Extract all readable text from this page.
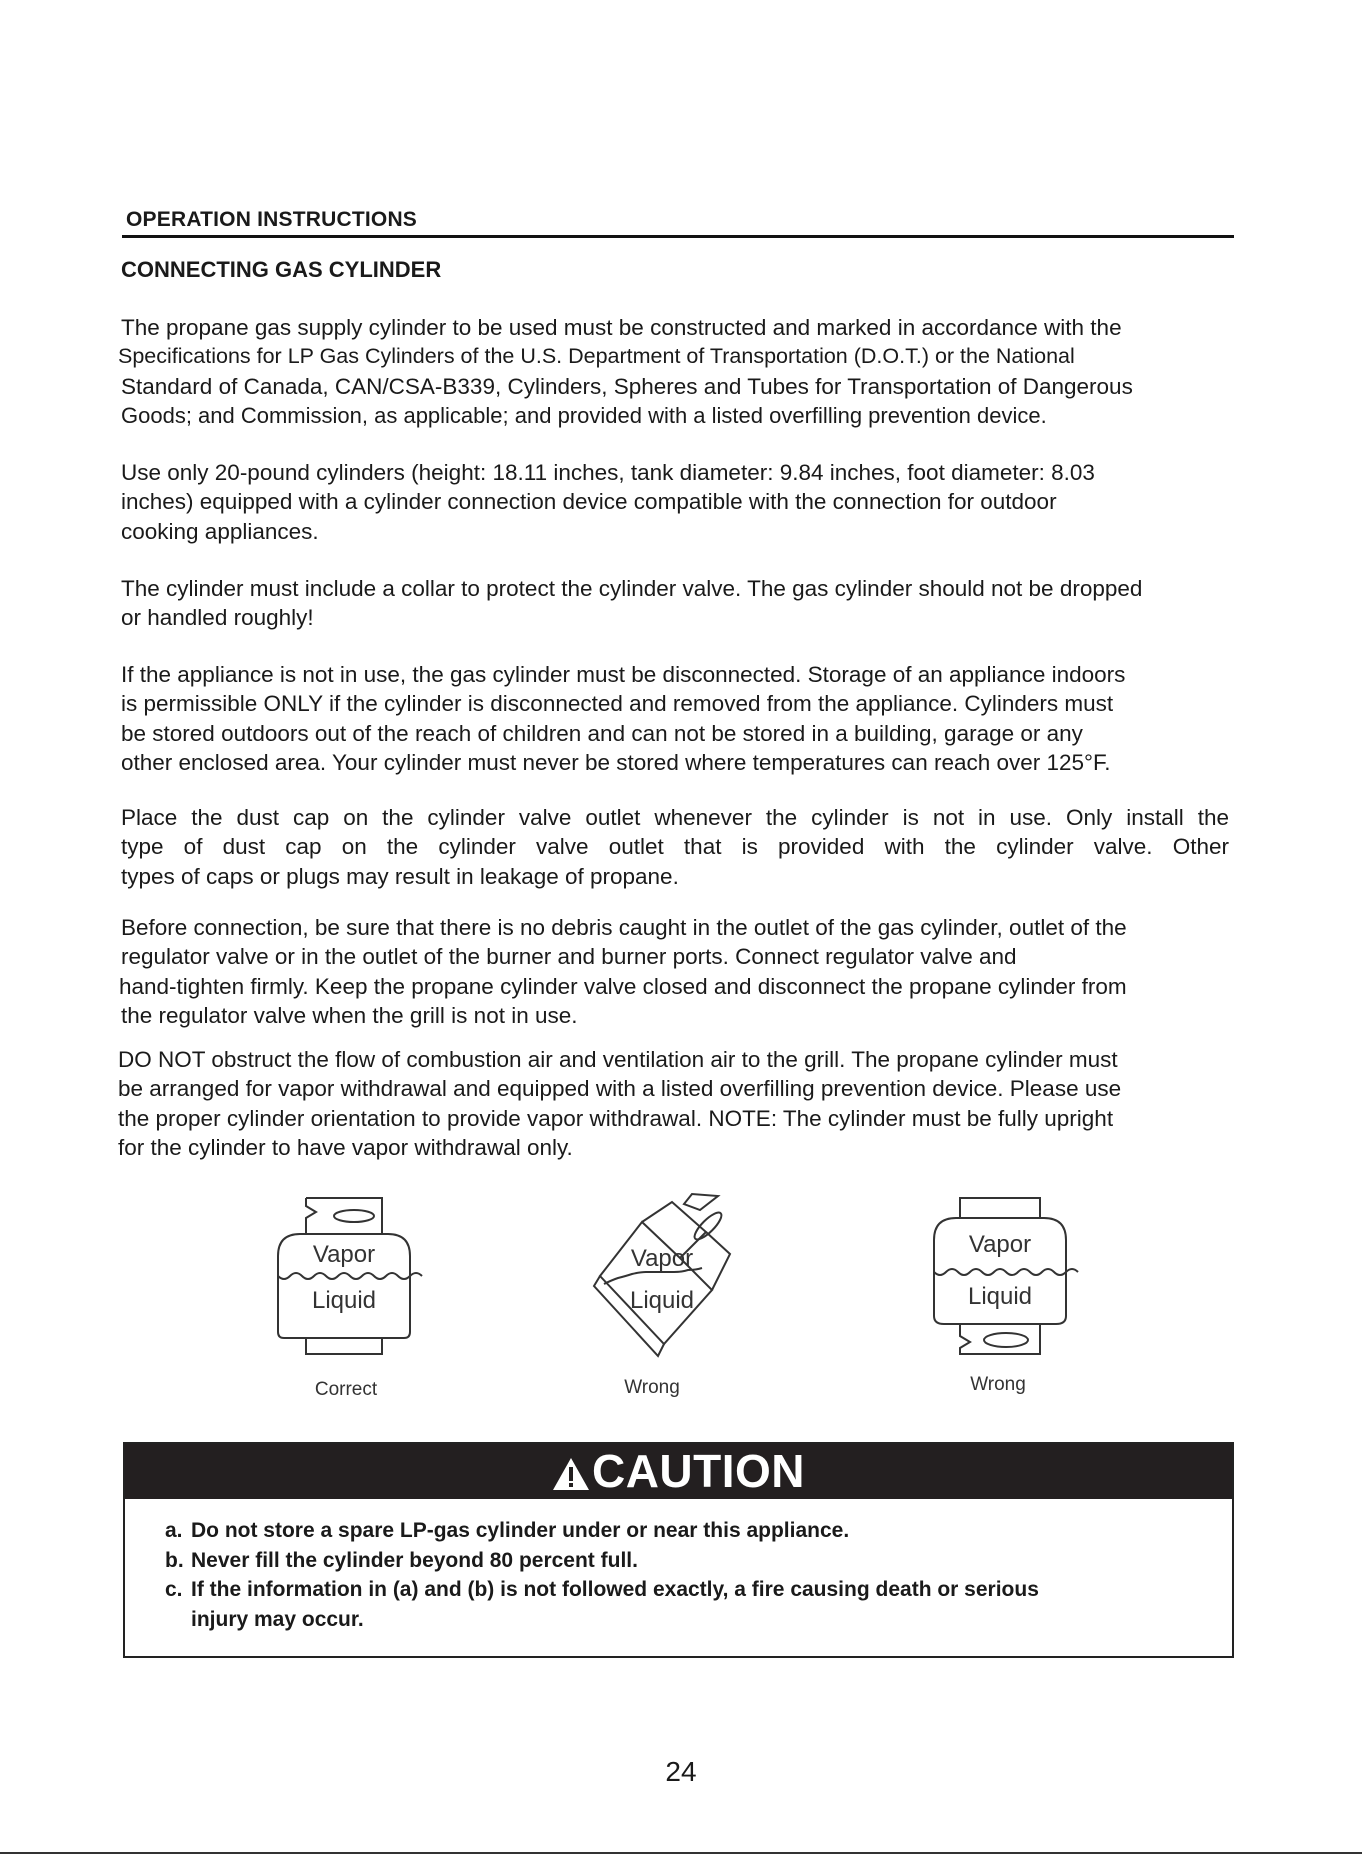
OPERATION INSTRUCTIONS
CONNECTING GAS CYLINDER

The propane gas supply cylinder to be used must be constructed and marked in accordance with the
Specifications for LP Gas Cylinders of the U.S. Department of Transportation (D.O.T.) or the National
Standard of Canada, CAN/CSA-B339, Cylinders, Spheres and Tubes for Transportation of Dangerous
Goods; and Commission, as applicable; and provided with a listed overfilling prevention device.

Use only 20-pound cylinders (height: 18.11 inches, tank diameter: 9.84 inches, foot diameter: 8.03
inches) equipped with a cylinder connection device compatible with the connection for outdoor
cooking appliances.

The cylinder must include a collar to protect the cylinder valve. The gas cylinder should not be dropped
or handled roughly!

If the appliance is not in use, the gas cylinder must be disconnected. Storage of an appliance indoors
is permissible ONLY if the cylinder is disconnected and removed from the appliance. Cylinders must
be stored outdoors out of the reach of children and can not be stored in a building, garage or any
other enclosed area. Your cylinder must never be stored where temperatures can reach over 125°F.

Place the dust cap on the cylinder valve outlet whenever the cylinder is not in use. Only install the
type of dust cap on the cylinder valve outlet that is provided with the cylinder valve. Other
types of caps or plugs may result in leakage of propane.

Before connection, be sure that there is no debris caught in the outlet of the gas cylinder, outlet of the
regulator valve or in the outlet of the burner and burner ports. Connect regulator valve and
hand-tighten firmly. Keep the propane cylinder valve closed and disconnect the propane cylinder from
the regulator valve when the grill is not in use.

DO NOT obstruct the flow of combustion air and ventilation air to the grill. The propane cylinder must
be arranged for vapor withdrawal and equipped with a listed overfilling prevention device. Please use
the proper cylinder orientation to provide vapor withdrawal. NOTE: The cylinder must be fully upright
for the cylinder to have vapor withdrawal only.

Vapor
Liquid
Correct
Vapor
Liquid
Wrong
Vapor
Liquid
Wrong
CAUTION
a. Do not store a spare LP-gas cylinder under or near this appliance.
b. Never fill the cylinder beyond 80 percent full.
c. If the information in (a) and (b) is not followed exactly, a fire causing death or serious
injury may occur.
24
